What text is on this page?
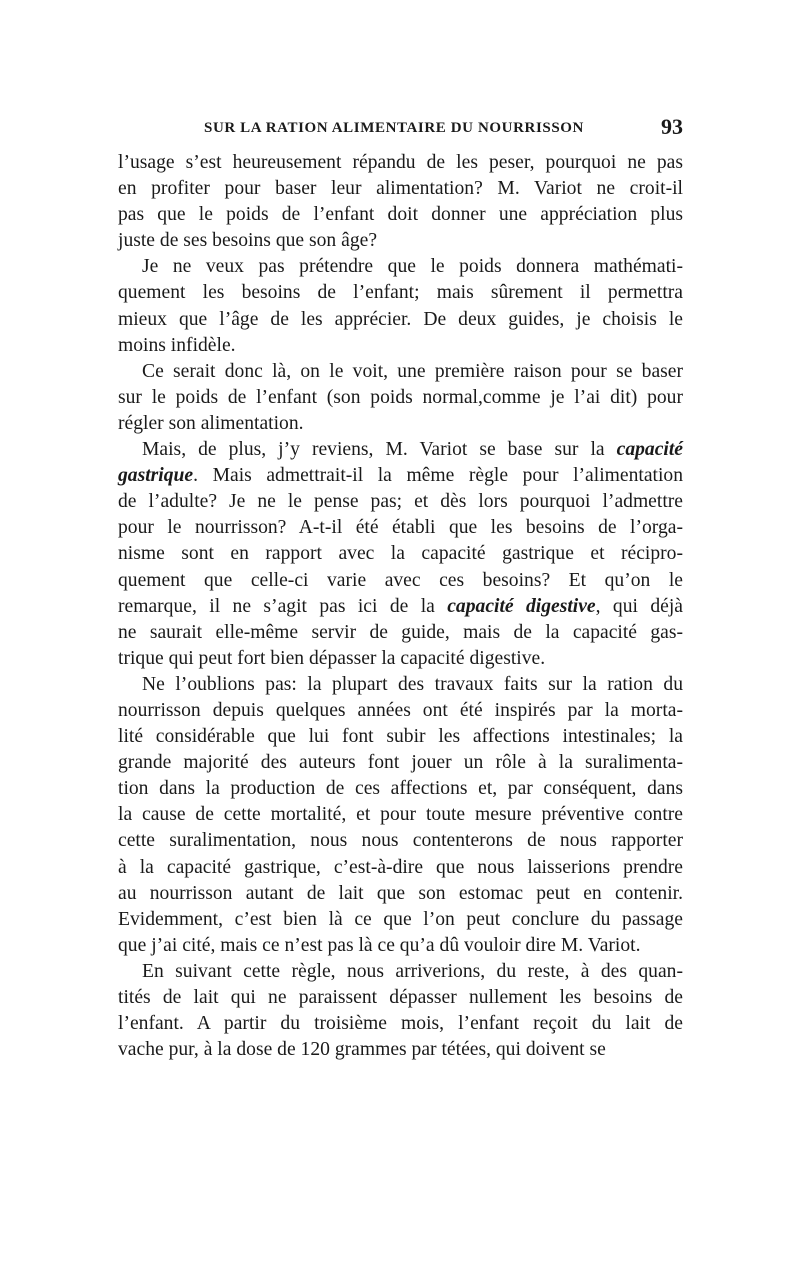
SUR LA RATION ALIMENTAIRE DU NOURRISSON	93
l’usage s’est heureusement répandu de les peser, pourquoi ne pas
en profiter pour baser leur alimentation? M. Variot ne croit-il
pas que le poids de l’enfant doit donner une appréciation plus
juste de ses besoins que son âge?
Je ne veux pas prétendre que le poids donnera mathémati-
quement les besoins de l’enfant; mais sûrement il permettra
mieux que l’âge de les apprécier. De deux guides, je choisis le
moins infidèle.
Ce serait donc là, on le voit, une première raison pour se baser
sur le poids de l’enfant (son poids normal,comme je l’ai dit) pour
régler son alimentation.
Mais, de plus, j’y reviens, M. Variot se base sur la capacité
gastrique. Mais admettrait-il la même règle pour l’alimentation
de l’adulte? Je ne le pense pas; et dès lors pourquoi l’admettre
pour le nourrisson? A-t-il été établi que les besoins de l’orga-
nisme sont en rapport avec la capacité gastrique et récipro-
quement que celle-ci varie avec ces besoins? Et qu’on le
remarque, il ne s’agit pas ici de la capacité digestive, qui déjà
ne saurait elle-même servir de guide, mais de la capacité gas-
trique qui peut fort bien dépasser la capacité digestive.
Ne l’oublions pas: la plupart des travaux faits sur la ration du
nourrisson depuis quelques années ont été inspirés par la morta-
lité considérable que lui font subir les affections intestinales; la
grande majorité des auteurs font jouer un rôle à la suralimenta-
tion dans la production de ces affections et, par conséquent, dans
la cause de cette mortalité, et pour toute mesure préventive contre
cette suralimentation, nous nous contenterons de nous rapporter
à la capacité gastrique, c’est-à-dire que nous laisserions prendre
au nourrisson autant de lait que son estomac peut en contenir.
Evidemment, c’est bien là ce que l’on peut conclure du passage
que j’ai cité, mais ce n’est pas là ce qu’a dû vouloir dire M. Variot.
En suivant cette règle, nous arriverions, du reste, à des quan-
tités de lait qui ne paraissent dépasser nullement les besoins de
l’enfant. A partir du troisième mois, l’enfant reçoit du lait de
vache pur, à la dose de 120 grammes par tétées, qui doivent se
